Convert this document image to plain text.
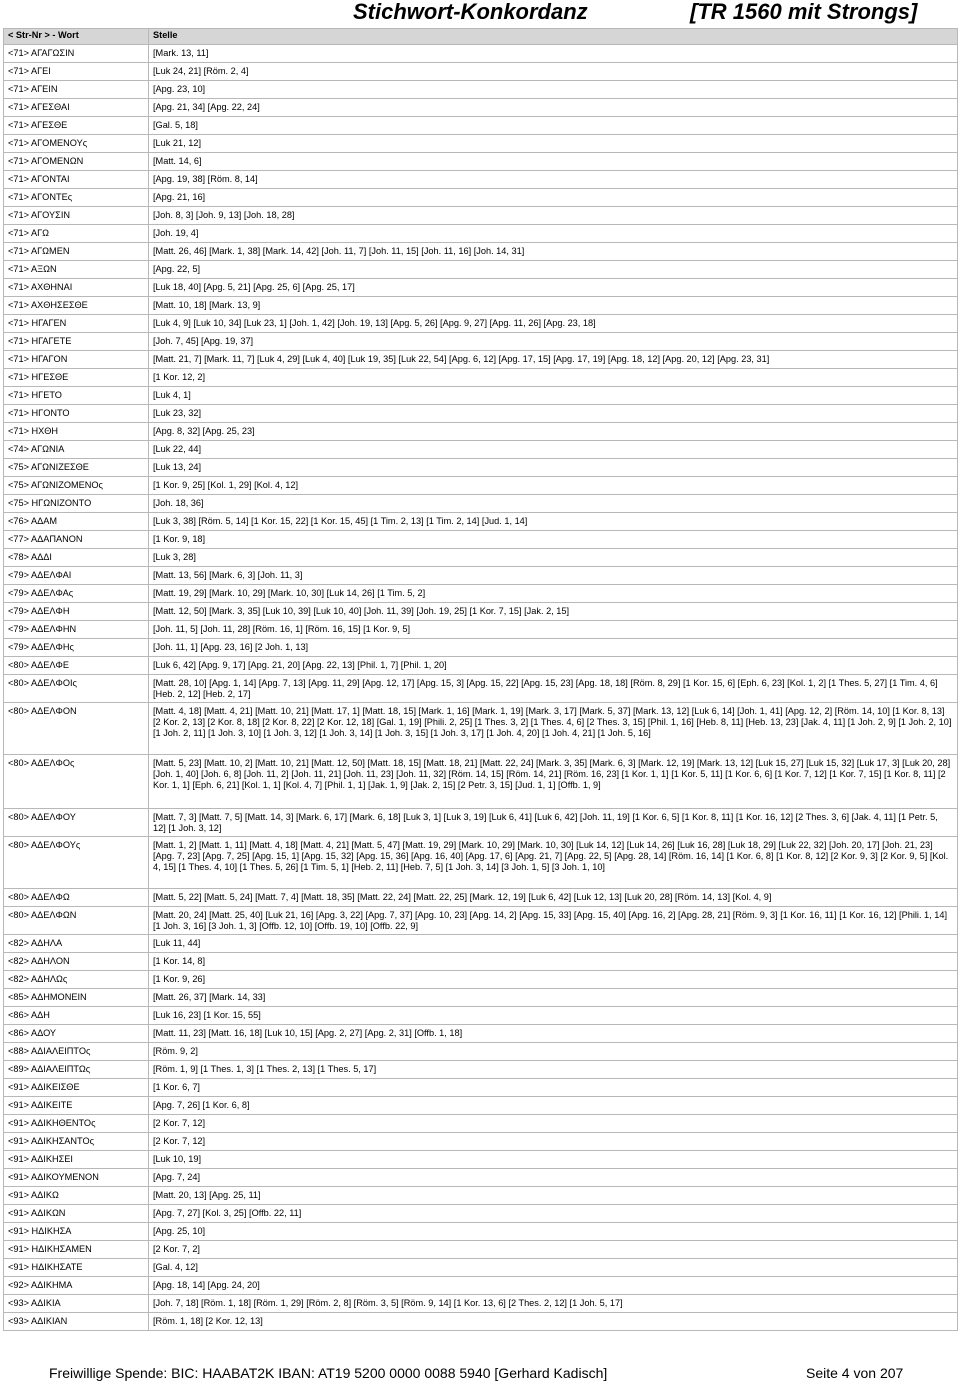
Stichwort-Konkordanz	[TR 1560 mit Strongs]
< Str-Nr > - Wort	Stelle
<71> ΑΓΑΓΩΣΙΝ	[Mark. 13, 11]
<71> ΑΓΕΙ	[Luk 24, 21] [Röm. 2, 4]
<71> ΑΓΕΙΝ	[Apg. 23, 10]
<71> ΑΓΕΣΘΑΙ	[Apg. 21, 34] [Apg. 22, 24]
<71> ΑΓΕΣΘΕ	[Gal. 5, 18]
<71> ΑΓΟΜΕΝΟΥς	[Luk 21, 12]
<71> ΑΓΟΜΕΝΩΝ	[Matt. 14, 6]
<71> ΑΓΟΝΤΑΙ	[Apg. 19, 38] [Röm. 8, 14]
<71> ΑΓΟΝΤΕς	[Apg. 21, 16]
<71> ΑΓΟΥΣΙΝ	[Joh. 8, 3] [Joh. 9, 13] [Joh. 18, 28]
<71> ΑΓΩ	[Joh. 19, 4]
<71> ΑΓΩΜΕΝ	[Matt. 26, 46] [Mark. 1, 38] [Mark. 14, 42] [Joh. 11, 7] [Joh. 11, 15] [Joh. 11, 16] [Joh. 14, 31]
<71> ΑΞΩΝ	[Apg. 22, 5]
<71> ΑΧΘΗΝΑΙ	[Luk 18, 40] [Apg. 5, 21] [Apg. 25, 6] [Apg. 25, 17]
<71> ΑΧΘΗΣΕΣΘΕ	[Matt. 10, 18] [Mark. 13, 9]
<71> ΗΓΑΓΕΝ	[Luk 4, 9] [Luk 10, 34] [Luk 23, 1] [Joh. 1, 42] [Joh. 19, 13] [Apg. 5, 26] [Apg. 9, 27] [Apg. 11, 26] [Apg. 23, 18]
<71> ΗΓΑΓΕΤΕ	[Joh. 7, 45] [Apg. 19, 37]
<71> ΗΓΑΓΟΝ	[Matt. 21, 7] [Mark. 11, 7] [Luk 4, 29] [Luk 4, 40] [Luk 19, 35] [Luk 22, 54] [Apg. 6, 12] [Apg. 17, 15] [Apg. 17, 19] [Apg. 18, 12] [Apg. 20, 12] [Apg. 23, 31]
<71> ΗΓΕΣΘΕ	[1 Kor. 12, 2]
<71> ΗΓΕΤΟ	[Luk 4, 1]
<71> ΗΓΟΝΤΟ	[Luk 23, 32]
<71> ΗΧΘΗ	[Apg. 8, 32] [Apg. 25, 23]
<74> ΑΓΩΝΙΑ	[Luk 22, 44]
<75> ΑΓΩΝΙΖΕΣΘΕ	[Luk 13, 24]
<75> ΑΓΩΝΙΖΟΜΕΝΟς	[1 Kor. 9, 25] [Kol. 1, 29] [Kol. 4, 12]
<75> ΗΓΩΝΙΖΟΝΤΟ	[Joh. 18, 36]
<76> ΑΔΑΜ	[Luk 3, 38] [Röm. 5, 14] [1 Kor. 15, 22] [1 Kor. 15, 45] [1 Tim. 2, 13] [1 Tim. 2, 14] [Jud. 1, 14]
<77> ΑΔΑΠΑΝΟΝ	[1 Kor. 9, 18]
<78> ΑΔΔΙ	[Luk 3, 28]
<79> ΑΔΕΛΦΑΙ	[Matt. 13, 56] [Mark. 6, 3] [Joh. 11, 3]
<79> ΑΔΕΛΦΑς	[Matt. 19, 29] [Mark. 10, 29] [Mark. 10, 30] [Luk 14, 26] [1 Tim. 5, 2]
<79> ΑΔΕΛΦΗ	[Matt. 12, 50] [Mark. 3, 35] [Luk 10, 39] [Luk 10, 40] [Joh. 11, 39] [Joh. 19, 25] [1 Kor. 7, 15] [Jak. 2, 15]
<79> ΑΔΕΛΦΗΝ	[Joh. 11, 5] [Joh. 11, 28] [Röm. 16, 1] [Röm. 16, 15] [1 Kor. 9, 5]
<79> ΑΔΕΛΦΗς	[Joh. 11, 1] [Apg. 23, 16] [2 Joh. 1, 13]
<80> ΑΔΕΛΦΕ	[Luk 6, 42] [Apg. 9, 17] [Apg. 21, 20] [Apg. 22, 13] [Phil. 1, 7] [Phil. 1, 20]
<80> ΑΔΕΛΦΟΙς	[Matt. 28, 10] [Apg. 1, 14] [Apg. 7, 13] [Apg. 11, 29] [Apg. 12, 17] [Apg. 15, 3] [Apg. 15, 22] [Apg. 15, 23] [Apg. 18, 18] [Röm. 8, 29] [1 Kor. 15, 6] [Eph. 6, 23] [Kol. 1, 2] [1 Thes. 5, 27] [1 Tim. 4, 6] [Heb. 2, 12] [Heb. 2, 17]
<80> ΑΔΕΛΦΟΝ	[Matt. 4, 18] [Matt. 4, 21] [Matt. 10, 21] [Matt. 17, 1] [Matt. 18, 15] [Mark. 1, 16] [Mark. 1, 19] [Mark. 3, 17] [Mark. 5, 37] [Mark. 13, 12] [Luk 6, 14] [Joh. 1, 41] [Apg. 12, 2] [Röm. 14, 10] [1 Kor. 8, 13] [2 Kor. 2, 13] [2 Kor. 8, 18] [2 Kor. 8, 22] [2 Kor. 12, 18] [Gal. 1, 19] [Phili. 2, 25] [1 Thes. 3, 2] [1 Thes. 4, 6] [2 Thes. 3, 15] [Phil. 1, 16] [Heb. 8, 11] [Heb. 13, 23] [Jak. 4, 11] [1 Joh. 2, 9] [1 Joh. 2, 10] [1 Joh. 2, 11] [1 Joh. 3, 10] [1 Joh. 3, 12] [1 Joh. 3, 14] [1 Joh. 3, 15] [1 Joh. 3, 17] [1 Joh. 4, 20] [1 Joh. 4, 21] [1 Joh. 5, 16]
<80> ΑΔΕΛΦΟς	[Matt. 5, 23] [Matt. 10, 2] [Matt. 10, 21] [Matt. 12, 50] [Matt. 18, 15] [Matt. 18, 21] [Matt. 22, 24] [Mark. 3, 35] [Mark. 6, 3] [Mark. 12, 19] [Mark. 13, 12] [Luk 15, 27] [Luk 15, 32] [Luk 17, 3] [Luk 20, 28] [Joh. 1, 40] [Joh. 6, 8] [Joh. 11, 2] [Joh. 11, 21] [Joh. 11, 23] [Joh. 11, 32] [Röm. 14, 15] [Röm. 14, 21] [Röm. 16, 23] [1 Kor. 1, 1] [1 Kor. 5, 11] [1 Kor. 6, 6] [1 Kor. 7, 12] [1 Kor. 7, 15] [1 Kor. 8, 11] [2 Kor. 1, 1] [Eph. 6, 21] [Kol. 1, 1] [Kol. 4, 7] [Phil. 1, 1] [Jak. 1, 9] [Jak. 2, 15] [2 Petr. 3, 15] [Jud. 1, 1] [Offb. 1, 9]
<80> ΑΔΕΛΦΟΥ	[Matt. 7, 3] [Matt. 7, 5] [Matt. 14, 3] [Mark. 6, 17] [Mark. 6, 18] [Luk 3, 1] [Luk 3, 19] [Luk 6, 41] [Luk 6, 42] [Joh. 11, 19] [1 Kor. 6, 5] [1 Kor. 8, 11] [1 Kor. 16, 12] [2 Thes. 3, 6] [Jak. 4, 11] [1 Petr. 5, 12] [1 Joh. 3, 12]
<80> ΑΔΕΛΦΟΥς	[Matt. 1, 2] [Matt. 1, 11] [Matt. 4, 18] [Matt. 4, 21] [Matt. 5, 47] [Matt. 19, 29] [Mark. 10, 29] [Mark. 10, 30] [Luk 14, 12] [Luk 14, 26] [Luk 16, 28] [Luk 18, 29] [Luk 22, 32] [Joh. 20, 17] [Joh. 21, 23] [Apg. 7, 23] [Apg. 7, 25] [Apg. 15, 1] [Apg. 15, 32] [Apg. 15, 36] [Apg. 16, 40] [Apg. 17, 6] [Apg. 21, 7] [Apg. 22, 5] [Apg. 28, 14] [Röm. 16, 14] [1 Kor. 6, 8] [1 Kor. 8, 12] [2 Kor. 9, 3] [2 Kor. 9, 5] [Kol. 4, 15] [1 Thes. 4, 10] [1 Thes. 5, 26] [1 Tim. 5, 1] [Heb. 2, 11] [Heb. 7, 5] [1 Joh. 3, 14] [3 Joh. 1, 5] [3 Joh. 1, 10]
<80> ΑΔΕΛΦΩ	[Matt. 5, 22] [Matt. 5, 24] [Matt. 7, 4] [Matt. 18, 35] [Matt. 22, 24] [Matt. 22, 25] [Mark. 12, 19] [Luk 6, 42] [Luk 12, 13] [Luk 20, 28] [Röm. 14, 13] [Kol. 4, 9]
<80> ΑΔΕΛΦΩΝ	[Matt. 20, 24] [Matt. 25, 40] [Luk 21, 16] [Apg. 3, 22] [Apg. 7, 37] [Apg. 10, 23] [Apg. 14, 2] [Apg. 15, 33] [Apg. 15, 40] [Apg. 16, 2] [Apg. 28, 21] [Röm. 9, 3] [1 Kor. 16, 11] [1 Kor. 16, 12] [Phili. 1, 14] [1 Joh. 3, 16] [3 Joh. 1, 3] [Offb. 12, 10] [Offb. 19, 10] [Offb. 22, 9]
<82> ΑΔΗΛΑ	[Luk 11, 44]
<82> ΑΔΗΛΟΝ	[1 Kor. 14, 8]
<82> ΑΔΗΛΩς	[1 Kor. 9, 26]
<85> ΑΔΗΜΟΝΕΙΝ	[Matt. 26, 37] [Mark. 14, 33]
<86> ΑΔΗ	[Luk 16, 23] [1 Kor. 15, 55]
<86> ΑΔΟΥ	[Matt. 11, 23] [Matt. 16, 18] [Luk 10, 15] [Apg. 2, 27] [Apg. 2, 31] [Offb. 1, 18]
<88> ΑΔΙΑΛΕΙΠΤΟς	[Röm. 9, 2]
<89> ΑΔΙΑΛΕΙΠΤΩς	[Röm. 1, 9] [1 Thes. 1, 3] [1 Thes. 2, 13] [1 Thes. 5, 17]
<91> ΑΔΙΚΕΙΣΘΕ	[1 Kor. 6, 7]
<91> ΑΔΙΚΕΙΤΕ	[Apg. 7, 26] [1 Kor. 6, 8]
<91> ΑΔΙΚΗΘΕΝΤΟς	[2 Kor. 7, 12]
<91> ΑΔΙΚΗΣΑΝΤΟς	[2 Kor. 7, 12]
<91> ΑΔΙΚΗΣΕΙ	[Luk 10, 19]
<91> ΑΔΙΚΟΥΜΕΝΟΝ	[Apg. 7, 24]
<91> ΑΔΙΚΩ	[Matt. 20, 13] [Apg. 25, 11]
<91> ΑΔΙΚΩΝ	[Apg. 7, 27] [Kol. 3, 25] [Offb. 22, 11]
<91> ΗΔΙΚΗΣΑ	[Apg. 25, 10]
<91> ΗΔΙΚΗΣΑΜΕΝ	[2 Kor. 7, 2]
<91> ΗΔΙΚΗΣΑΤΕ	[Gal. 4, 12]
<92> ΑΔΙΚΗΜΑ	[Apg. 18, 14] [Apg. 24, 20]
<93> ΑΔΙΚΙΑ	[Joh. 7, 18] [Röm. 1, 18] [Röm. 1, 29] [Röm. 2, 8] [Röm. 3, 5] [Röm. 9, 14] [1 Kor. 13, 6] [2 Thes. 2, 12] [1 Joh. 5, 17]
<93> ΑΔΙΚΙΑΝ	[Röm. 1, 18] [2 Kor. 12, 13]
Freiwillige Spende: BIC: HAABAT2K IBAN: AT19 5200 0000 0088 5940 [Gerhard Kadisch]	Seite 4 von 207
